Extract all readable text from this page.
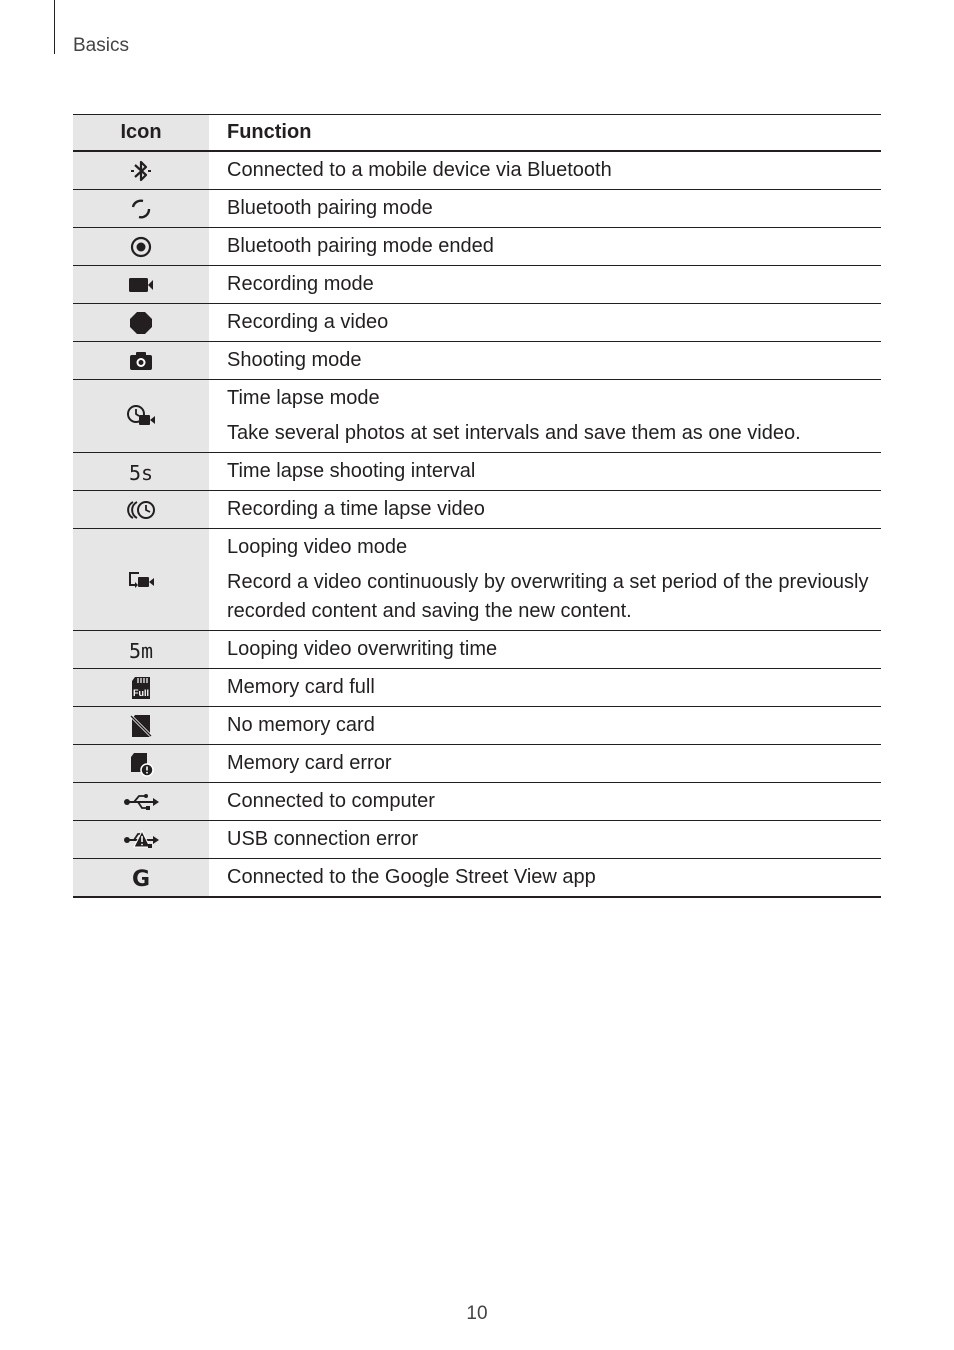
Basics
Icon	Function

Connected to a mobile device via Bluetooth

Bluetooth pairing mode

Bluetooth pairing mode ended

Recording mode

Recording a video

Shooting mode

Time lapse mode
Take several photos at set intervals and save them as one video.

5s	Time lapse shooting interval

Recording a time lapse video

Looping video mode
Record a video continuously by overwriting a set period of the previously recorded content and saving the new content.

5m	Looping video overwriting time

Full	Memory card full

No memory card

Memory card error

Connected to computer

USB connection error

G	Connected to the Google Street View app
10
